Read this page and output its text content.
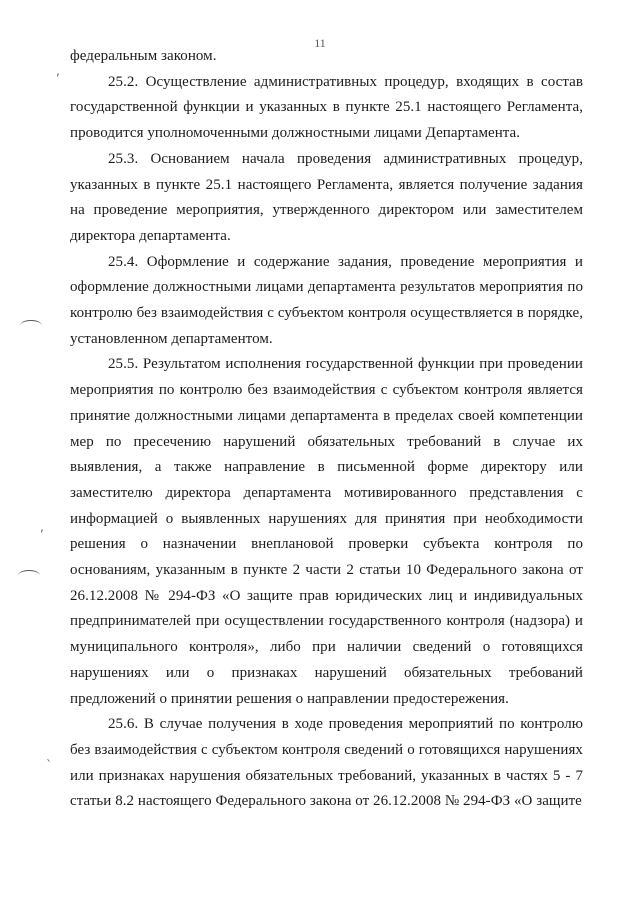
11
,
,
`

федеральным законом.

25.2. Осуществление административных процедур, входящих в состав государственной функции и указанных в пункте 25.1 настоящего Регламента, проводится уполномоченными должностными лицами Департамента.

25.3. Основанием начала проведения административных процедур, указанных в пункте 25.1 настоящего Регламента, является получение задания на проведение мероприятия, утвержденного директором или заместителем директора департамента.

25.4. Оформление и содержание задания, проведение мероприятия и оформление должностными лицами департамента результатов мероприятия по контролю без взаимодействия с субъектом контроля осуществляется в порядке, установленном департаментом.

25.5. Результатом исполнения государственной функции при проведении мероприятия по контролю без взаимодействия с субъектом контроля является принятие должностными лицами департамента в пределах своей компетенции мер по пресечению нарушений обязательных требований в случае их выявления, а также направление в письменной форме директору или заместителю директора департамента мотивированного представления с информацией о выявленных нарушениях для принятия при необходимости решения о назначении внеплановой проверки субъекта контроля по основаниям, указанным в пункте 2 части 2 статьи 10 Федерального закона от 26.12.2008 № 294-ФЗ «О защите прав юридических лиц и индивидуальных предпринимателей при осуществлении государственного контроля (надзора) и муниципального контроля», либо при наличии сведений о готовящихся нарушениях или о признаках нарушений обязательных требований предложений о принятии решения о направлении предостережения.

25.6. В случае получения в ходе проведения мероприятий по контролю без взаимодействия с субъектом контроля сведений о готовящихся нарушениях или признаках нарушения обязательных требований, указанных в частях 5 - 7 статьи 8.2 настоящего Федерального закона от 26.12.2008 № 294-ФЗ «О защите
